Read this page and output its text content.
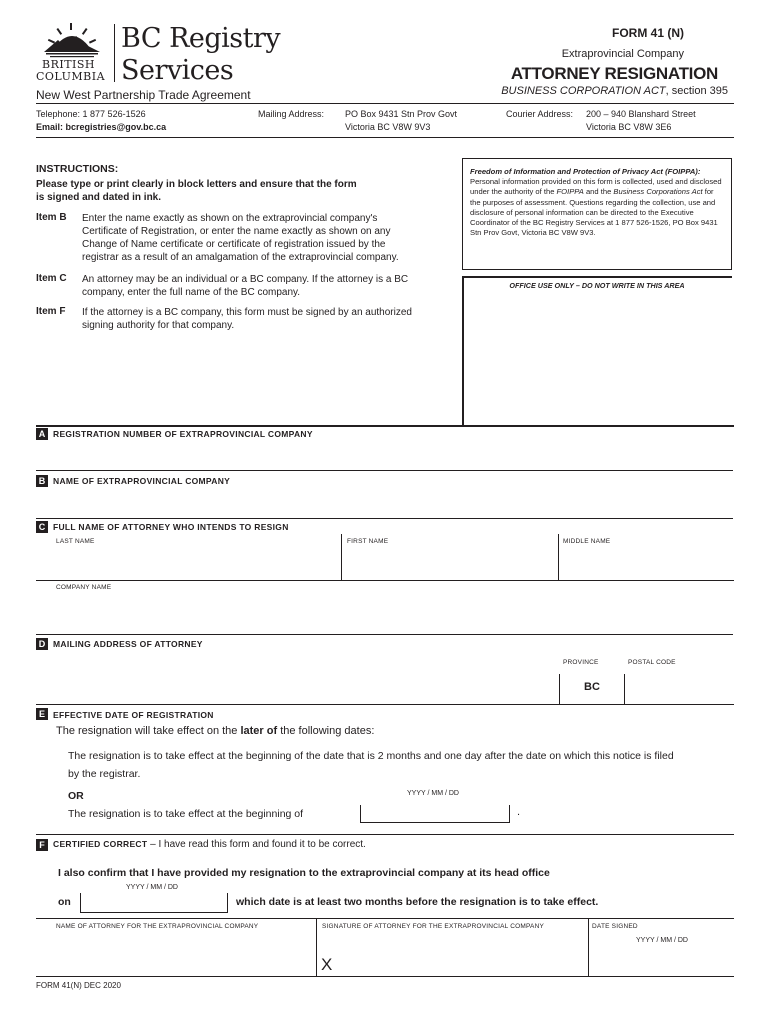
BRITISH
COLUMBIA
BC Registry
Services
New West Partnership Trade Agreement
FORM 41 (N)
Extraprovincial Company
ATTORNEY RESIGNATION
BUSINESS CORPORATION ACT, section 395
Telephone: 1 877 526-1526
Email: bcregistries@gov.bc.ca
Mailing Address: PO Box 9431 Stn Prov Govt
Victoria BC V8W 9V3
Courier Address: 200 – 940 Blanshard Street
Victoria BC V8W 3E6
INSTRUCTIONS:
Please type or print clearly in block letters and ensure that the form
is signed and dated in ink.
Item B Enter the name exactly as shown on the extraprovincial company's Certificate of Registration, or enter the name exactly as shown on any Change of Name certificate or certificate of registration issued by the registrar as a result of an amalgamation of the extraprovincial company.
Item C An attorney may be an individual or a BC company. If the attorney is a BC company, enter the full name of the BC company.
Item F If the attorney is a BC company, this form must be signed by an authorized signing authority for that company.
Freedom of Information and Protection of Privacy Act (FOIPPA):
Personal information provided on this form is collected, used and disclosed under the authority of the FOIPPA and the Business Corporations Act for the purposes of assessment. Questions regarding the collection, use and disclosure of personal information can be directed to the Executive Coordinator of the BC Registry Services at 1 877 526-1526, PO Box 9431 Stn Prov Govt, Victoria BC V8W 9V3.
OFFICE USE ONLY – DO NOT WRITE IN THIS AREA
A REGISTRATION NUMBER OF EXTRAPROVINCIAL COMPANY
B NAME OF EXTRAPROVINCIAL COMPANY
C FULL NAME OF ATTORNEY WHO INTENDS TO RESIGN
LAST NAME	FIRST NAME	MIDDLE NAME
COMPANY NAME
D MAILING ADDRESS OF ATTORNEY
PROVINCE	POSTAL CODE
BC
E EFFECTIVE DATE OF REGISTRATION
The resignation will take effect on the later of the following dates:
The resignation is to take effect at the beginning of the date that is 2 months and one day after the date on which this notice is filed
by the registrar.
OR	YYYY / MM / DD
The resignation is to take effect at the beginning of	.
F CERTIFIED CORRECT – I have read this form and found it to be correct.
I also confirm that I have provided my resignation to the extraprovincial company at its head office
YYYY / MM / DD
on	which date is at least two months before the resignation is to take effect.
NAME OF ATTORNEY FOR THE EXTRAPROVINCIAL COMPANY	SIGNATURE OF ATTORNEY FOR THE EXTRAPROVINCIAL COMPANY	DATE SIGNED
YYYY / MM / DD
X
FORM 41(N) DEC 2020
